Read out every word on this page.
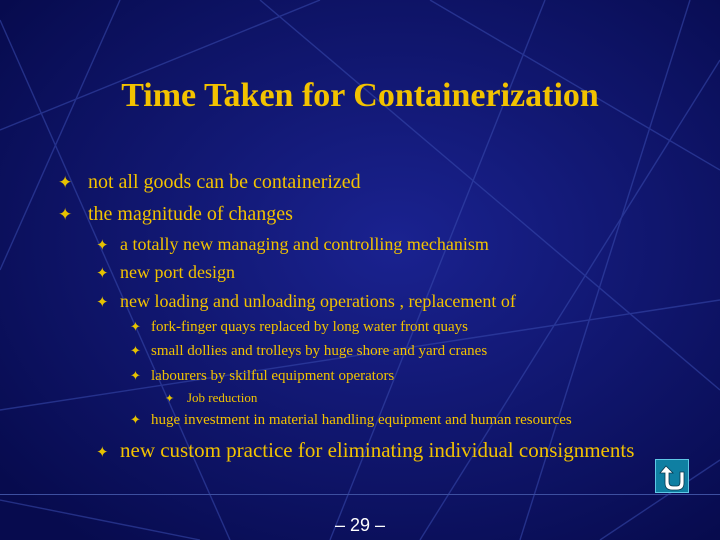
Time Taken for Containerization
✦ not all goods can be containerized
✦ the magnitude of changes
✦ a totally new managing and controlling mechanism
✦ new port design
✦ new loading and unloading operations , replacement of
✦ fork-finger quays replaced by long water front quays
✦ small dollies and trolleys by huge shore and yard cranes
✦ labourers by skilful equipment operators
✦ Job reduction
✦ huge investment in material handling equipment and human resources
✦ new custom practice for eliminating individual consignments
– 29 –
